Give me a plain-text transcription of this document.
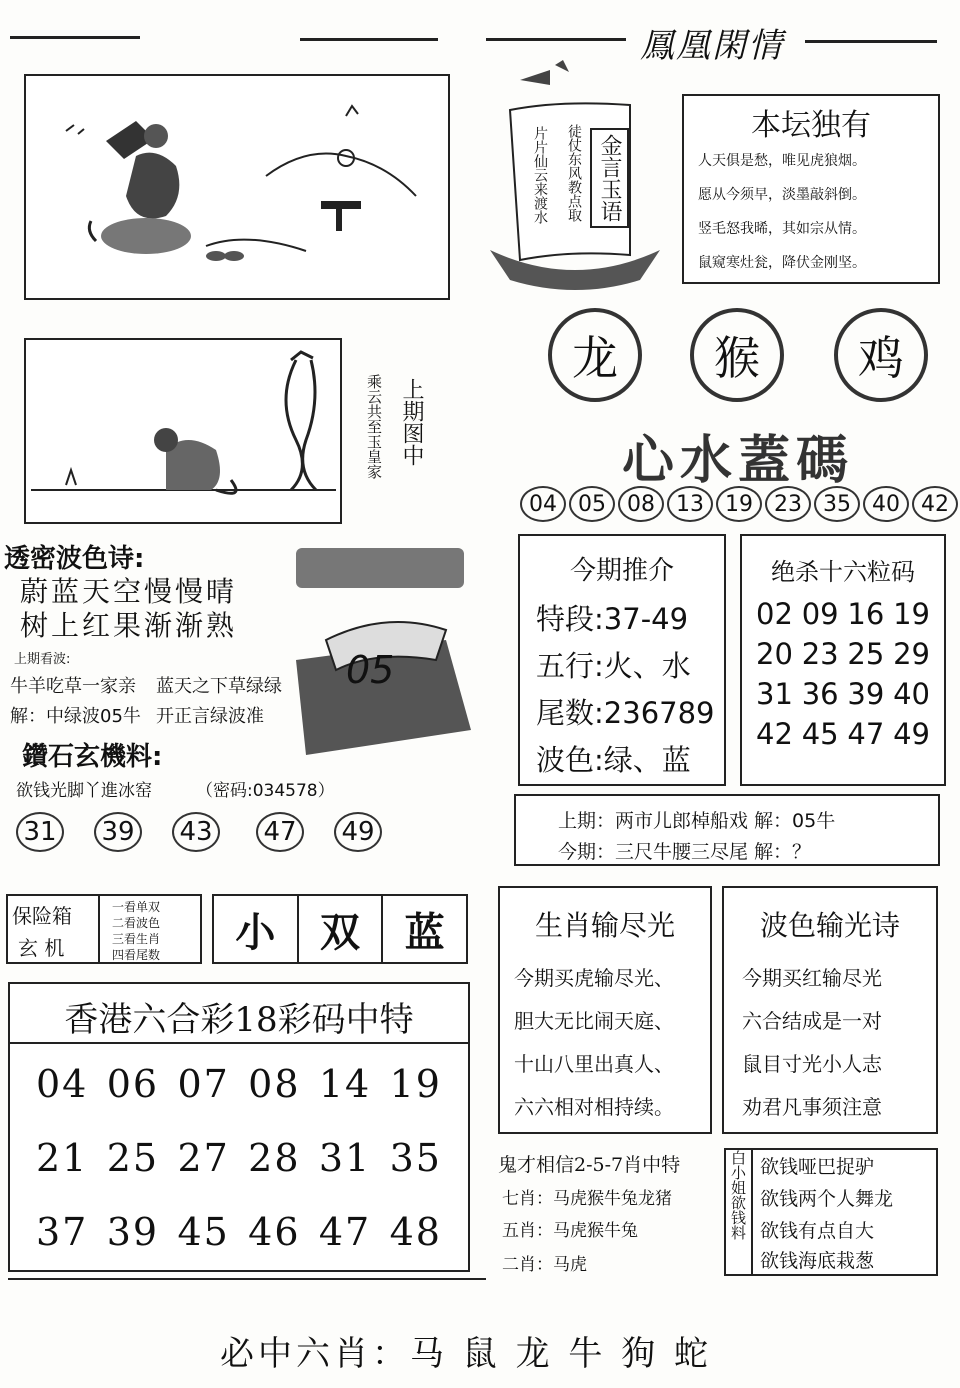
鳳凰閑情
上期图中
乘云共至玉皇家
金言玉语
片片仙云来渡水 徒仗东风教点取	本坛独有
人天俱是愁，唯见虎狼烟。
愿从今须早，淡墨敲斜倒。
竖毛怒我晞，其如宗从情。
鼠窥寒灶瓮，降伏金刚坚。
龙 猴 鸡
心水蓋碼
04 05 08 13 19 23 35 40 42
透密波色诗:
蔚蓝天空慢慢晴
树上红果渐渐熟
上期看波:
牛羊吃草一家亲 蓝天之下草绿绿
解：中绿波05牛 开正言绿波准
05
鑽石玄機料:
欲钱光脚丫進冰窑	（密码:034578）
31 39 43 47 49
今期推介
特段:37-49
五行:火、水
尾数:236789
波色:绿、蓝
绝杀十六粒码
02 09 16 19
20 23 25 29
31 36 39 40
42 45 47 49
上期：两市儿郎棹船戏 解：05牛
今期：三尺牛腰三尽尾 解：？
保险箱
玄 机
一看单双
二看波色
三看生肖
四看尾数	小	双	蓝
香港六合彩18彩码中特
04 06 07 08 14 19
21 25 27 28 31 35
37 39 45 46 47 48
生肖输尽光
今期买虎输尽光、
胆大无比闹天庭、
十山八里出真人、
六六相对相持续。
波色输光诗
今期买红输尽光
六合结成是一对
鼠目寸光小人志
劝君凡事须注意
鬼才相信2-5-7肖中特
七肖：马虎猴牛兔龙猪
五肖：马虎猴牛兔
二肖：马虎
白小姐欲钱料 欲钱哑巴捉驴
欲钱两个人舞龙
欲钱有点自大
欲钱海底栽葱
必中六肖：马 鼠 龙 牛 狗 蛇
